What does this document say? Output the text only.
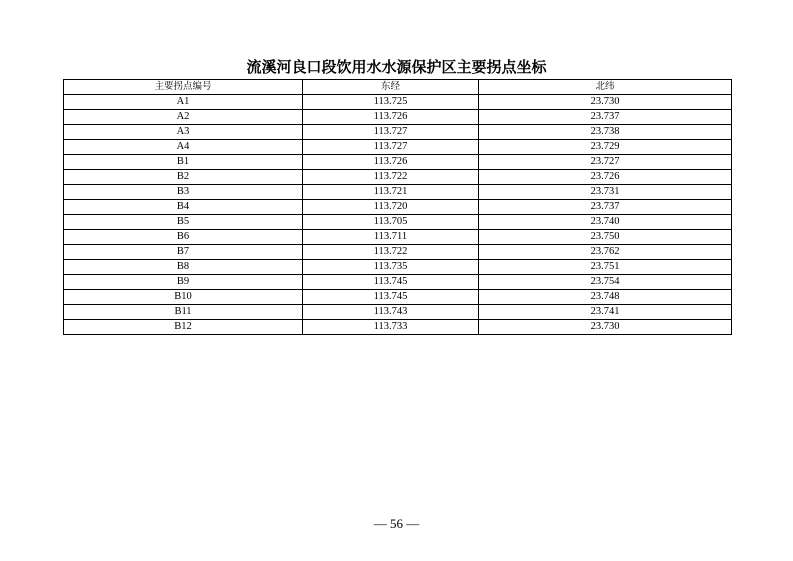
流溪河良口段饮用水水源保护区主要拐点坐标
主要拐点编号	东经	北纬
A1	113.725	23.730
A2	113.726	23.737
A3	113.727	23.738
A4	113.727	23.729
B1	113.726	23.727
B2	113.722	23.726
B3	113.721	23.731
B4	113.720	23.737
B5	113.705	23.740
B6	113.711	23.750
B7	113.722	23.762
B8	113.735	23.751
B9	113.745	23.754
B10	113.745	23.748
B11	113.743	23.741
B12	113.733	23.730
— 56 —
